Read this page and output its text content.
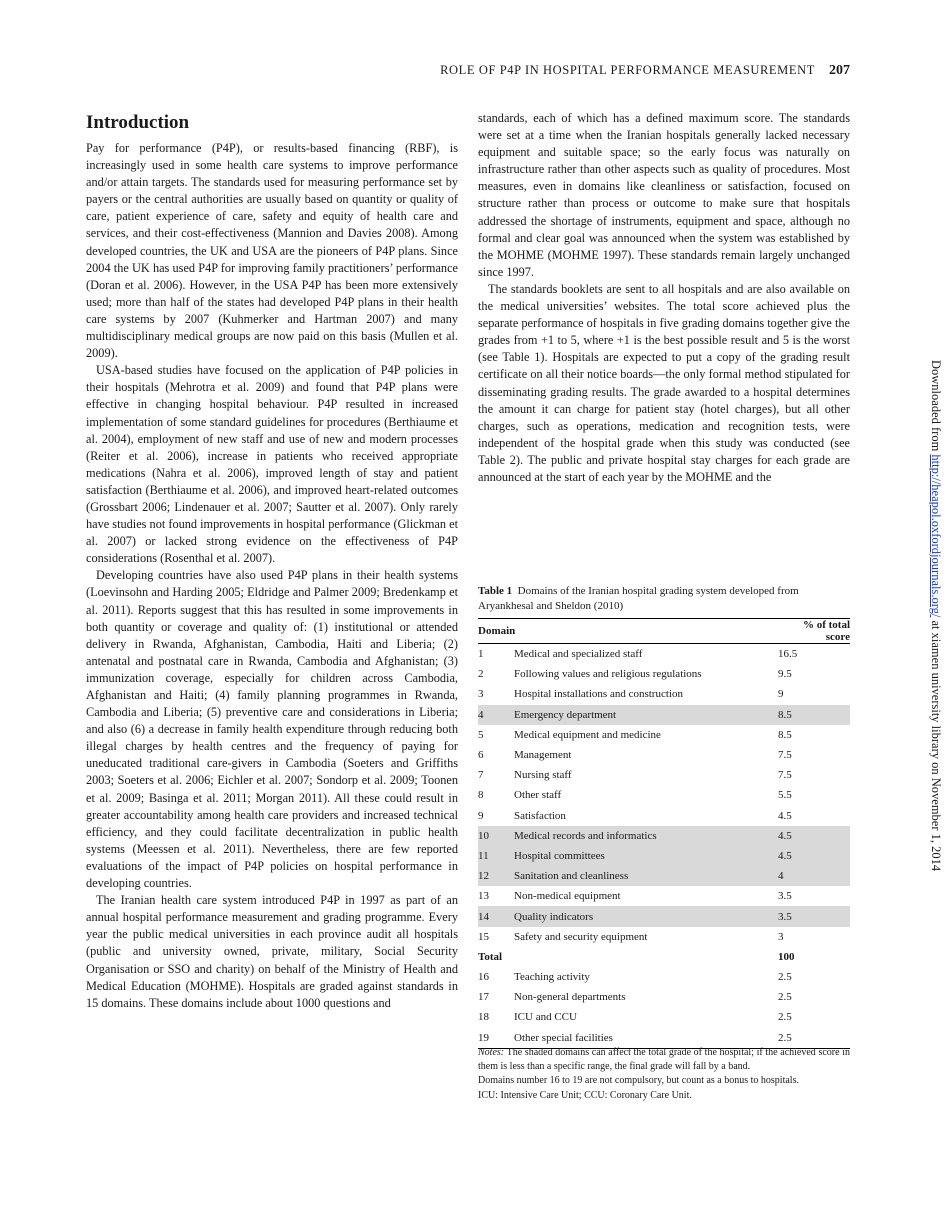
ROLE OF P4P IN HOSPITAL PERFORMANCE MEASUREMENT 207
Introduction

Pay for performance (P4P), or results-based financing (RBF), is increasingly used in some health care systems to improve performance and/or attain targets. The standards used for measuring performance set by payers or the central authorities are usually based on quantity or quality of care, patient experience of care, safety and equity of health care and services, and their cost-effectiveness (Mannion and Davies 2008). Among developed countries, the UK and USA are the pioneers of P4P plans. Since 2004 the UK has used P4P for improving family practitioners’ performance (Doran et al. 2006). However, in the USA P4P has been more extensively used; more than half of the states had developed P4P plans in their health care systems by 2007 (Kuhmerker and Hartman 2007) and many multidisciplinary medical groups are now paid on this basis (Mullen et al. 2009).

USA-based studies have focused on the application of P4P policies in their hospitals (Mehrotra et al. 2009) and found that P4P plans were effective in changing hospital behaviour. P4P resulted in increased implementation of some standard guidelines for procedures (Berthiaume et al. 2004), employment of new staff and use of new and modern processes (Reiter et al. 2006), increase in patients who received appropriate medications (Nahra et al. 2006), improved length of stay and patient satisfaction (Berthiaume et al. 2006), and improved heart-related outcomes (Grossbart 2006; Lindenauer et al. 2007; Sautter et al. 2007). Only rarely have studies not found improvements in hospital performance (Glickman et al. 2007) or lacked strong evidence on the effectiveness of P4P considerations (Rosenthal et al. 2007).

Developing countries have also used P4P plans in their health systems (Loevinsohn and Harding 2005; Eldridge and Palmer 2009; Bredenkamp et al. 2011). Reports suggest that this has resulted in some improvements in both quantity or coverage and quality of: (1) institutional or attended delivery in Rwanda, Afghanistan, Cambodia, Haiti and Liberia; (2) antenatal and postnatal care in Rwanda, Cambodia and Afghanistan; (3) immunization coverage, especially for children across Cambodia, Afghanistan and Haiti; (4) family planning programmes in Rwanda, Cambodia and Liberia; (5) preventive care and considerations in Liberia; and also (6) a decrease in family health expenditure through reducing both illegal charges by health centres and the frequency of paying for uneducated traditional care-givers in Cambodia (Soeters and Griffiths 2003; Soeters et al. 2006; Eichler et al. 2007; Sondorp et al. 2009; Toonen et al. 2009; Basinga et al. 2011; Morgan 2011). All these could result in greater accountability among health care providers and increased technical efficiency, and they could facilitate decentralization in public health systems (Meessen et al. 2011). Nevertheless, there are few reported evaluations of the impact of P4P policies on hospital performance in developing countries.

The Iranian health care system introduced P4P in 1997 as part of an annual hospital performance measurement and grading programme. Every year the public medical universities in each province audit all hospitals (public and university owned, private, military, Social Security Organisation or SSO and charity) on behalf of the Ministry of Health and Medical Education (MOHME). Hospitals are graded against standards in 15 domains. These domains include about 1000 questions and

standards, each of which has a defined maximum score. The standards were set at a time when the Iranian hospitals generally lacked necessary equipment and suitable space; so the early focus was naturally on infrastructure rather than other aspects such as quality of procedures. Most measures, even in domains like cleanliness or satisfaction, focused on structure rather than process or outcome to make sure that hospitals addressed the shortage of instruments, equipment and space, although no formal and clear goal was announced when the system was established by the MOHME (MOHME 1997). These standards remain largely unchanged since 1997.

The standards booklets are sent to all hospitals and are also available on the medical universities’ websites. The total score achieved plus the separate performance of hospitals in five grading domains together give the grades from +1 to 5, where +1 is the best possible result and 5 is the worst (see Table 1). Hospitals are expected to put a copy of the grading result certificate on all their notice boards—the only formal method stipulated for disseminating grading results. The grade awarded to a hospital determines the amount it can charge for patient stay (hotel charges), but all other charges, such as operations, medication and recognition tests, were independent of the hospital grade when this study was conducted (see Table 2). The public and private hospital stay charges for each grade are announced at the start of each year by the MOHME and the

Table 1 Domains of the Iranian hospital grading system developed from Aryankhesal and Sheldon (2010)
Domain		% of total score
1	Medical and specialized staff	16.5
2	Following values and religious regulations	9.5
3	Hospital installations and construction	9
4	Emergency department	8.5
5	Medical equipment and medicine	8.5
6	Management	7.5
7	Nursing staff	7.5
8	Other staff	5.5
9	Satisfaction	4.5
10	Medical records and informatics	4.5
11	Hospital committees	4.5
12	Sanitation and cleanliness	4
13	Non-medical equipment	3.5
14	Quality indicators	3.5
15	Safety and security equipment	3
Total		100
16	Teaching activity	2.5
17	Non-general departments	2.5
18	ICU and CCU	2.5
19	Other special facilities	2.5

Notes: The shaded domains can affect the total grade of the hospital; if the achieved score in them is less than a specific range, the final grade will fall by a band.

Domains number 16 to 19 are not compulsory, but count as a bonus to hospitals.

ICU: Intensive Care Unit; CCU: Coronary Care Unit.

Downloaded from http://heapol.oxfordjournals.org/ at xiamen university library on November 1, 2014
